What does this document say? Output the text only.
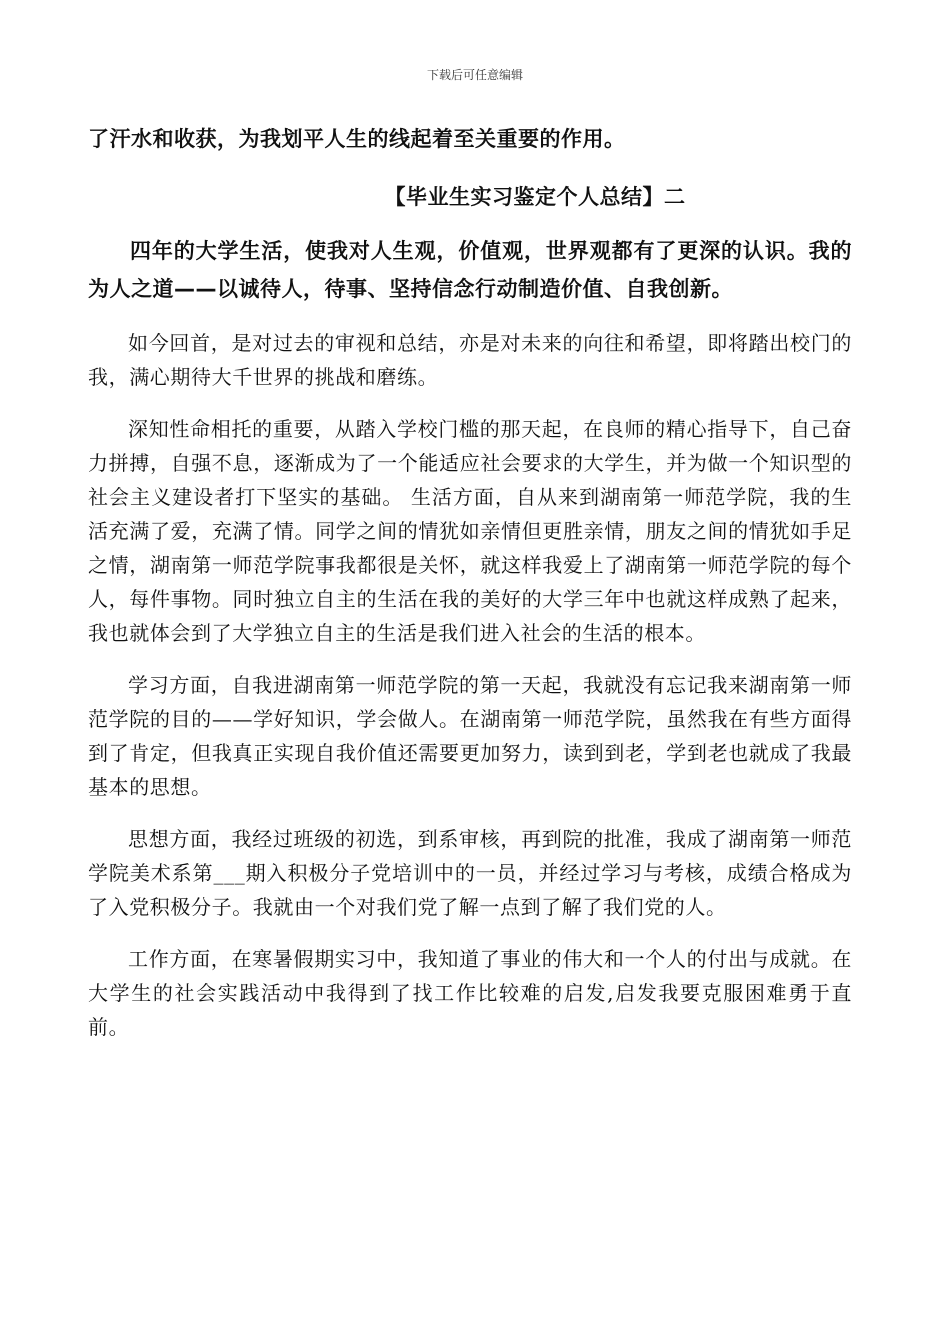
下载后可任意编辑

了汗水和收获，为我划平人生的线起着至关重要的作用。

【毕业生实习鉴定个人总结】二

四年的大学生活，使我对人生观，价值观，世界观都有了更深的认识。我的为人之道——以诚待人，待事、坚持信念行动制造价值、自我创新。

如今回首，是对过去的审视和总结，亦是对未来的向往和希望，即将踏出校门的我，满心期待大千世界的挑战和磨练。

深知性命相托的重要，从踏入学校门槛的那天起，在良师的精心指导下，自己奋力拼搏，自强不息，逐渐成为了一个能适应社会要求的大学生，并为做一个知识型的社会主义建设者打下坚实的基础。 生活方面，自从来到湖南第一师范学院，我的生活充满了爱，充满了情。同学之间的情犹如亲情但更胜亲情，朋友之间的情犹如手足之情，湖南第一师范学院事我都很是关怀，就这样我爱上了湖南第一师范学院的每个人，每件事物。同时独立自主的生活在我的美好的大学三年中也就这样成熟了起来，我也就体会到了大学独立自主的生活是我们进入社会的生活的根本。

学习方面，自我进湖南第一师范学院的第一天起，我就没有忘记我来湖南第一师范学院的目的——学好知识，学会做人。在湖南第一师范学院，虽然我在有些方面得到了肯定，但我真正实现自我价值还需要更加努力，读到到老，学到老也就成了我最基本的思想。

思想方面，我经过班级的初选，到系审核，再到院的批准，我成了湖南第一师范学院美术系第___期入积极分子党培训中的一员，并经过学习与考核，成绩合格成为了入党积极分子。我就由一个对我们党了解一点到了解了我们党的人。

工作方面，在寒暑假期实习中，我知道了事业的伟大和一个人的付出与成就。在大学生的社会实践活动中我得到了找工作比较难的启发,启发我要克服困难勇于直前。
